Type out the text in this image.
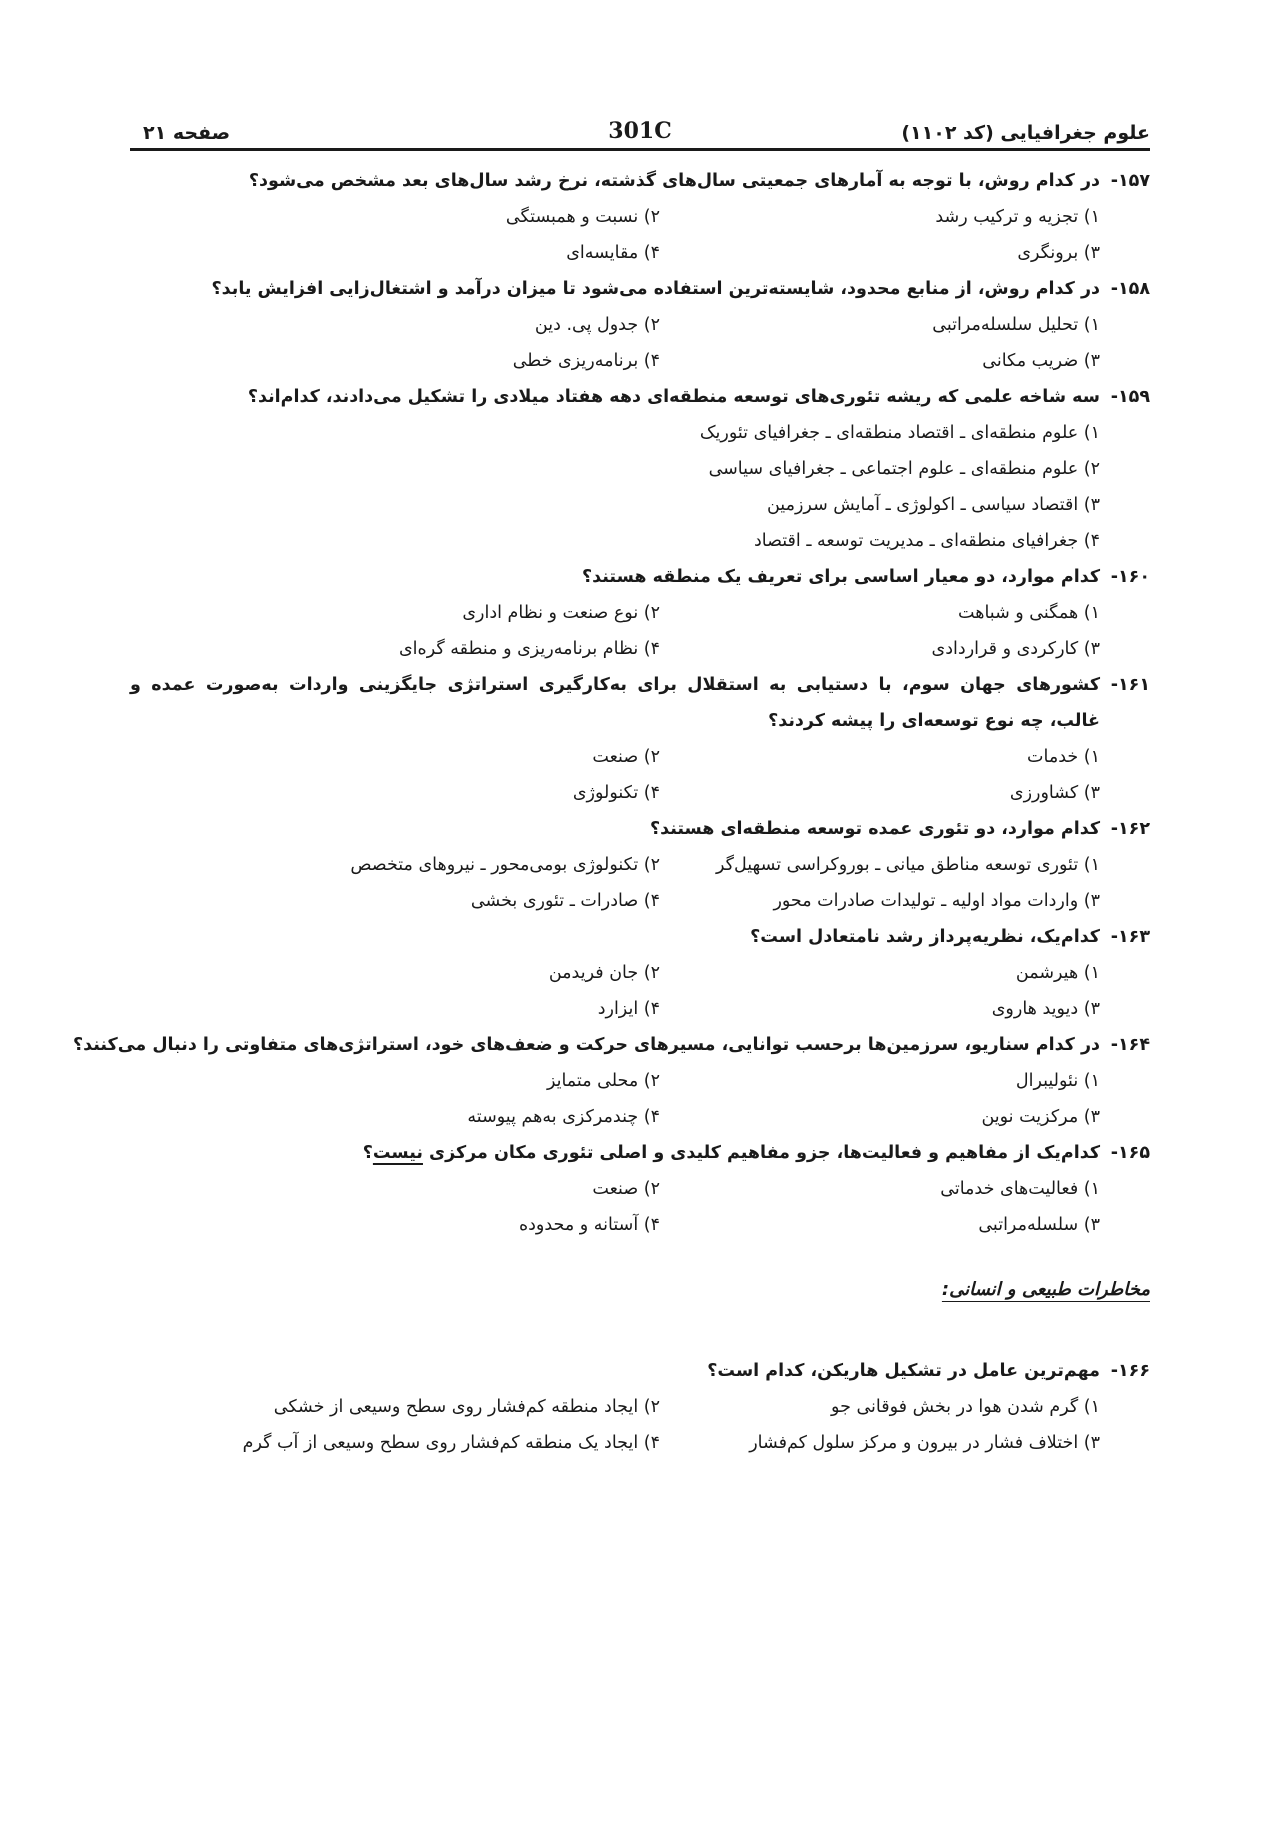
علوم جغرافیایی (کد ۱۱۰۲)
301C
صفحه ۲۱
۱۵۷-
در کدام روش، با توجه به آمارهای جمعیتی سال‌های گذشته، نرخ رشد سال‌های بعد مشخص می‌شود؟
۱) تجزیه و ترکیب رشد
۲) نسبت و همبستگی
۳) برونگری
۴) مقایسه‌ای
۱۵۸-
در کدام روش، از منابع محدود، شایسته‌ترین استفاده می‌شود تا میزان درآمد و اشتغال‌زایی افزایش یابد؟
۱) تحلیل سلسله‌مراتبی
۲) جدول پی. دین
۳) ضریب مکانی
۴) برنامه‌ریزی خطی
۱۵۹-
سه شاخه علمی که ریشه تئوری‌های توسعه منطقه‌ای دهه هفتاد میلادی را تشکیل می‌دادند، کدام‌اند؟
۱) علوم منطقه‌ای ـ اقتصاد منطقه‌ای ـ جغرافیای تئوریک
۲) علوم منطقه‌ای ـ علوم اجتماعی ـ جغرافیای سیاسی
۳) اقتصاد سیاسی ـ اکولوژی ـ آمایش سرزمین
۴) جغرافیای منطقه‌ای ـ مدیریت توسعه ـ اقتصاد
۱۶۰-
کدام موارد، دو معیار اساسی برای تعریف یک منطقه هستند؟
۱) همگنی و شباهت
۲) نوع صنعت و نظام اداری
۳) کارکردی و قراردادی
۴) نظام برنامه‌ریزی و منطقه گره‌ای
۱۶۱-
کشورهای جهان سوم، با دستیابی به استقلال برای به‌کارگیری استراتژی جایگزینی واردات به‌صورت عمده و
غالب، چه نوع توسعه‌ای را پیشه کردند؟
۱) خدمات
۲) صنعت
۳) کشاورزی
۴) تکنولوژی
۱۶۲-
کدام موارد، دو تئوری عمده توسعه منطقه‌ای هستند؟
۱) تئوری توسعه مناطق میانی ـ بوروکراسی تسهیل‌گر
۲) تکنولوژی بومی‌محور ـ نیروهای متخصص
۳) واردات مواد اولیه ـ تولیدات صادرات محور
۴) صادرات ـ تئوری بخشی
۱۶۳-
کدام‌یک، نظریه‌پرداز رشد نامتعادل است؟
۱) هیرشمن
۲) جان فریدمن
۳) دیوید هاروی
۴) ایزارد
۱۶۴-
در کدام سناریو، سرزمین‌ها برحسب توانایی، مسیرهای حرکت و ضعف‌های خود، استراتژی‌های متفاوتی را دنبال می‌کنند؟
۱) نئولیبرال
۲) محلی متمایز
۳) مرکزیت نوین
۴) چندمرکزی به‌هم پیوسته
۱۶۵-
کدام‌یک از مفاهیم و فعالیت‌ها، جزو مفاهیم کلیدی و اصلی تئوری مکان مرکزی نیست؟
۱) فعالیت‌های خدماتی
۲) صنعت
۳) سلسله‌مراتبی
۴) آستانه و محدوده
مخاطرات طبیعی و انسانی:
۱۶۶-
مهم‌ترین عامل در تشکیل هاریکن، کدام است؟
۱) گرم شدن هوا در بخش فوقانی جو
۲) ایجاد منطقه کم‌فشار روی سطح وسیعی از خشکی
۳) اختلاف فشار در بیرون و مرکز سلول کم‌فشار
۴) ایجاد یک منطقه کم‌فشار روی سطح وسیعی از آب گرم
